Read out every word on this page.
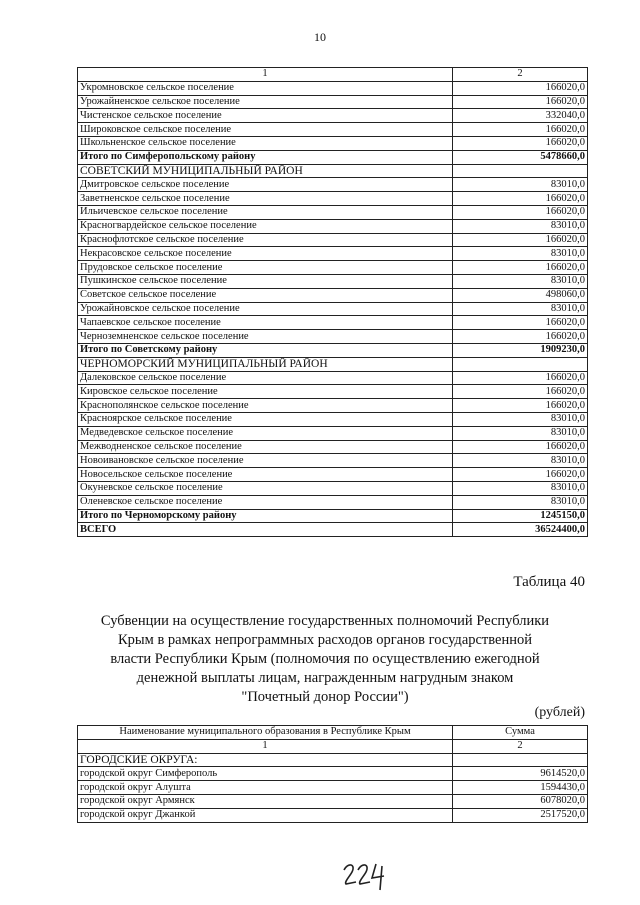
10
1	2
Укромновское сельское поселение	166020,0
Урожайненское сельское поселение	166020,0
Чистенское сельское поселение	332040,0
Широковское сельское поселение	166020,0
Школьненское сельское поселение	166020,0
Итого по Симферопольскому району	5478660,0
СОВЕТСКИЙ МУНИЦИПАЛЬНЫЙ РАЙОН	
Дмитровское сельское поселение	83010,0
Заветненское сельское поселение	166020,0
Ильичевское сельское поселение	166020,0
Красногвардейское сельское поселение	83010,0
Краснофлотское сельское поселение	166020,0
Некрасовское сельское поселение	83010,0
Прудовское сельское поселение	166020,0
Пушкинское сельское поселение	83010,0
Советское сельское поселение	498060,0
Урожайновское сельское поселение	83010,0
Чапаевское сельское поселение	166020,0
Черноземненское сельское поселение	166020,0
Итого по Советскому району	1909230,0
ЧЕРНОМОРСКИЙ МУНИЦИПАЛЬНЫЙ РАЙОН	
Далековское сельское поселение	166020,0
Кировское сельское поселение	166020,0
Краснополянское сельское поселение	166020,0
Красноярское сельское поселение	83010,0
Медведевское сельское поселение	83010,0
Межводненское сельское поселение	166020,0
Новоивановское сельское поселение	83010,0
Новосельское сельское поселение	166020,0
Окуневское сельское поселение	83010,0
Оленевское сельское поселение	83010,0
Итого по Черноморскому району	1245150,0
ВСЕГО	36524400,0
Таблица 40
Субвенции на осуществление государственных полномочий Республики
Крым в рамках непрограммных расходов органов государственной
власти Республики Крым (полномочия по осуществлению ежегодной
денежной выплаты лицам, награжденным нагрудным знаком
"Почетный донор России")
(рублей)
Наименование муниципального образования в Республике Крым	Сумма
1	2
ГОРОДСКИЕ ОКРУГА:	
городской округ Симферополь	9614520,0
городской округ Алушта	1594430,0
городской округ Армянск	6078020,0
городской округ Джанкой	2517520,0
